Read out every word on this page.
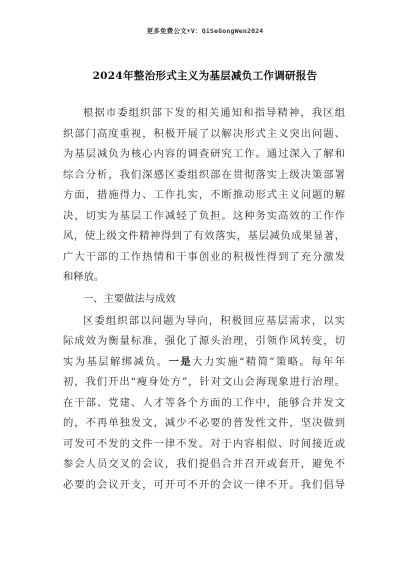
更多免费公文+V：QiSeGongWen2024
2024年整治形式主义为基层减负工作调研报告
根据市委组织部下发的相关通知和指导精神，我区组
织部门高度重视，积极开展了以解决形式主义突出问题、
为基层减负为核心内容的调查研究工作。通过深入了解和
综合分析，我们深感区委组织部在贯彻落实上级决策部署
方面，措施得力、工作扎实，不断推动形式主义问题的解
决，切实为基层工作减轻了负担。这种务实高效的工作作
风，使上级文件精神得到了有效落实，基层减负成果显著，
广大干部的工作热情和干事创业的积极性得到了充分激发
和释放。
一、主要做法与成效
区委组织部以问题为导向，积极回应基层需求，以实
际成效为衡量标准，强化了源头治理，引领作风转变，切
实为基层解绑减负。一是大力实施“精简”策略。每年年
初，我们开出“瘦身处方”，针对文山会海现象进行治理。
在干部、党建、人才等各个方面的工作中，能够合并发文
的，不再单独发文，减少不必要的普发性文件，坚决做到
可发可不发的文件一律不发。对于内容相似、时间接近或
参会人员交叉的会议，我们提倡合并召开或套开，避免不
必要的会议开支，可开可不开的会议一律不开。我们倡导
